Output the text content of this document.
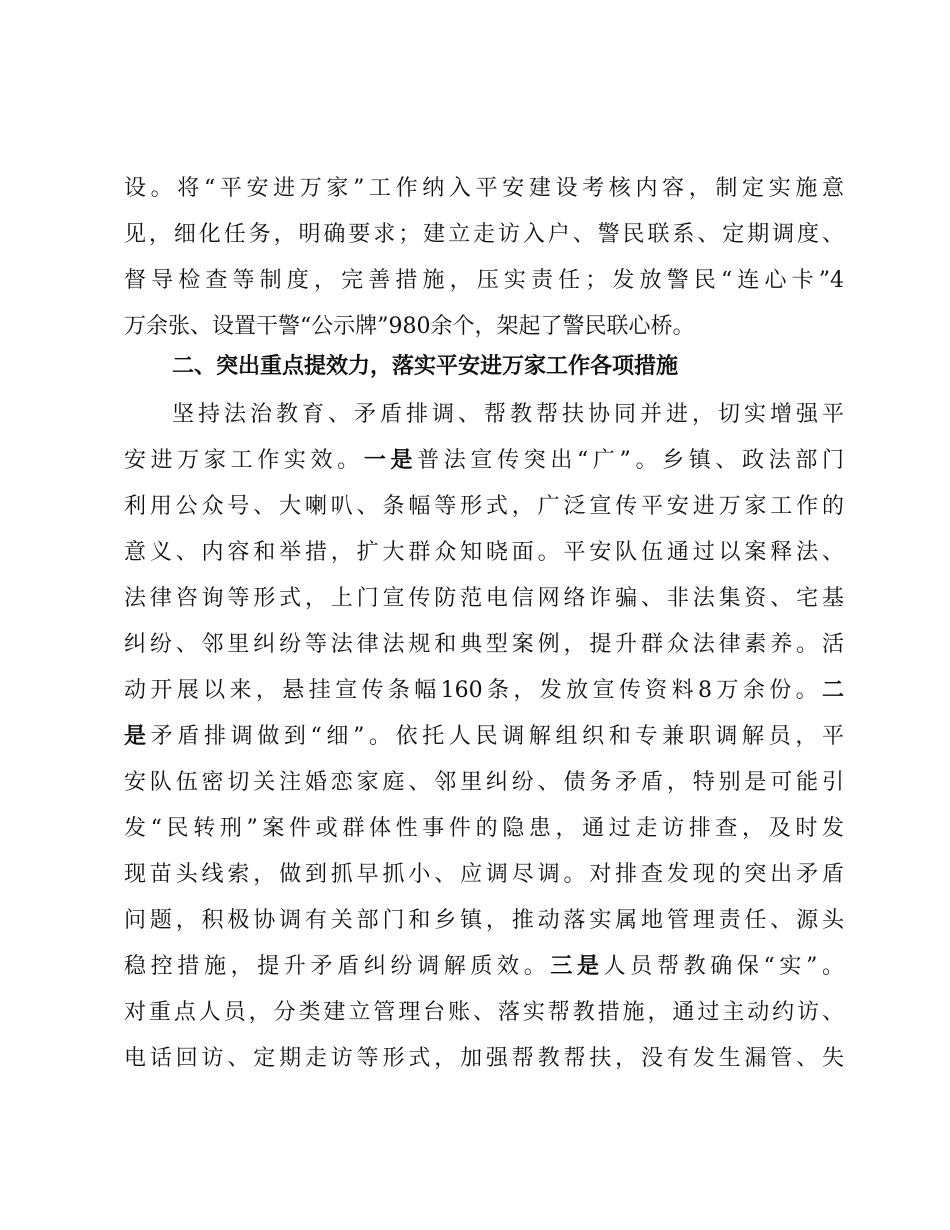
设。将“平安进万家”工作纳入平安建设考核内容，制定实施意
见，细化任务，明确要求；建立走访入户、警民联系、定期调度、
督导检查等制度，完善措施，压实责任；发放警民“连心卡”4
万余张、设置干警“公示牌”980余个，架起了警民联心桥。
二、突出重点提效力，落实平安进万家工作各项措施
坚持法治教育、矛盾排调、帮教帮扶协同并进，切实增强平
安进万家工作实效。一是普法宣传突出“广”。乡镇、政法部门
利用公众号、大喇叭、条幅等形式，广泛宣传平安进万家工作的
意义、内容和举措，扩大群众知晓面。平安队伍通过以案释法、
法律咨询等形式，上门宣传防范电信网络诈骗、非法集资、宅基
纠纷、邻里纠纷等法律法规和典型案例，提升群众法律素养。活
动开展以来，悬挂宣传条幅160条，发放宣传资料8万余份。二
是矛盾排调做到“细”。依托人民调解组织和专兼职调解员，平
安队伍密切关注婚恋家庭、邻里纠纷、债务矛盾，特别是可能引
发“民转刑”案件或群体性事件的隐患，通过走访排查，及时发
现苗头线索，做到抓早抓小、应调尽调。对排查发现的突出矛盾
问题，积极协调有关部门和乡镇，推动落实属地管理责任、源头
稳控措施，提升矛盾纠纷调解质效。三是人员帮教确保“实”。
对重点人员，分类建立管理台账、落实帮教措施，通过主动约访、
电话回访、定期走访等形式，加强帮教帮扶，没有发生漏管、失
